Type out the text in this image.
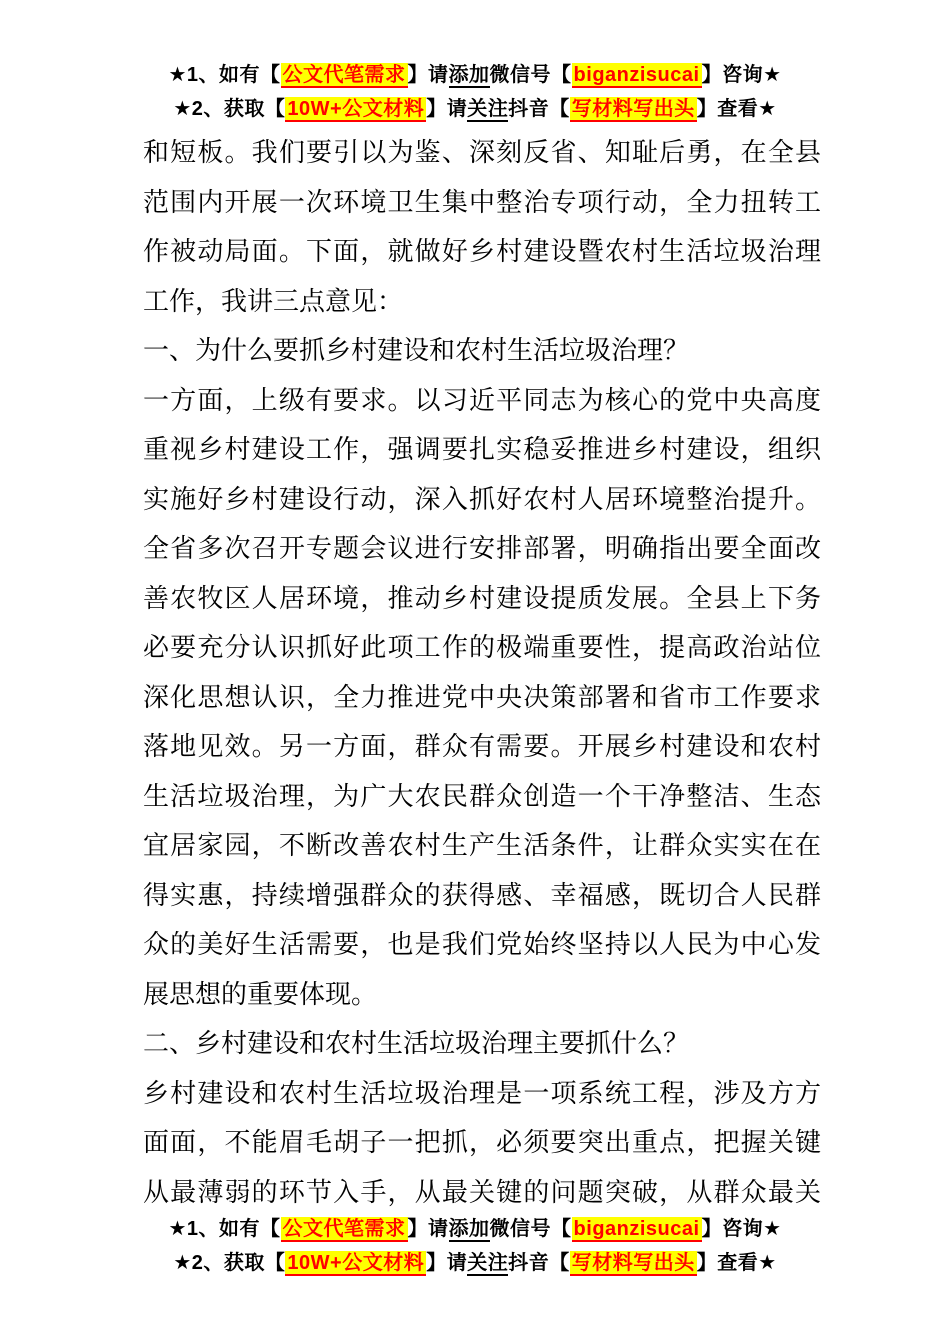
★1、如有【 公文代笔需求 】请添加微信号【 biganzisucai 】咨询★
★2、获取【 10W+公文材料 】请关注抖音【 写材料写出头 】查看★
和短板。我们要引以为鉴、深刻反省、知耻后勇，在全县
范围内开展一次环境卫生集中整治专项行动，全力扭转工
作被动局面。下面，就做好乡村建设暨农村生活垃圾治理
工作，我讲三点意见：
一、为什么要抓乡村建设和农村生活垃圾治理？
一方面，上级有要求。以习近平同志为核心的党中央高度
重视乡村建设工作，强调要扎实稳妥推进乡村建设，组织
实施好乡村建设行动，深入抓好农村人居环境整治提升。
全省多次召开专题会议进行安排部署，明确指出要全面改
善农牧区人居环境，推动乡村建设提质发展。全县上下务
必要充分认识抓好此项工作的极端重要性，提高政治站位
深化思想认识，全力推进党中央决策部署和省市工作要求
落地见效。另一方面，群众有需要。开展乡村建设和农村
生活垃圾治理，为广大农民群众创造一个干净整洁、生态
宜居家园，不断改善农村生产生活条件，让群众实实在在
得实惠，持续增强群众的获得感、幸福感，既切合人民群
众的美好生活需要，也是我们党始终坚持以人民为中心发
展思想的重要体现。
二、乡村建设和农村生活垃圾治理主要抓什么？
乡村建设和农村生活垃圾治理是一项系统工程，涉及方方
面面，不能眉毛胡子一把抓，必须要突出重点，把握关键
从最薄弱的环节入手，从最关键的问题突破，从群众最关
★1、如有【 公文代笔需求 】请添加微信号【 biganzisucai 】咨询★
★2、获取【 10W+公文材料 】请关注抖音【 写材料写出头 】查看★
